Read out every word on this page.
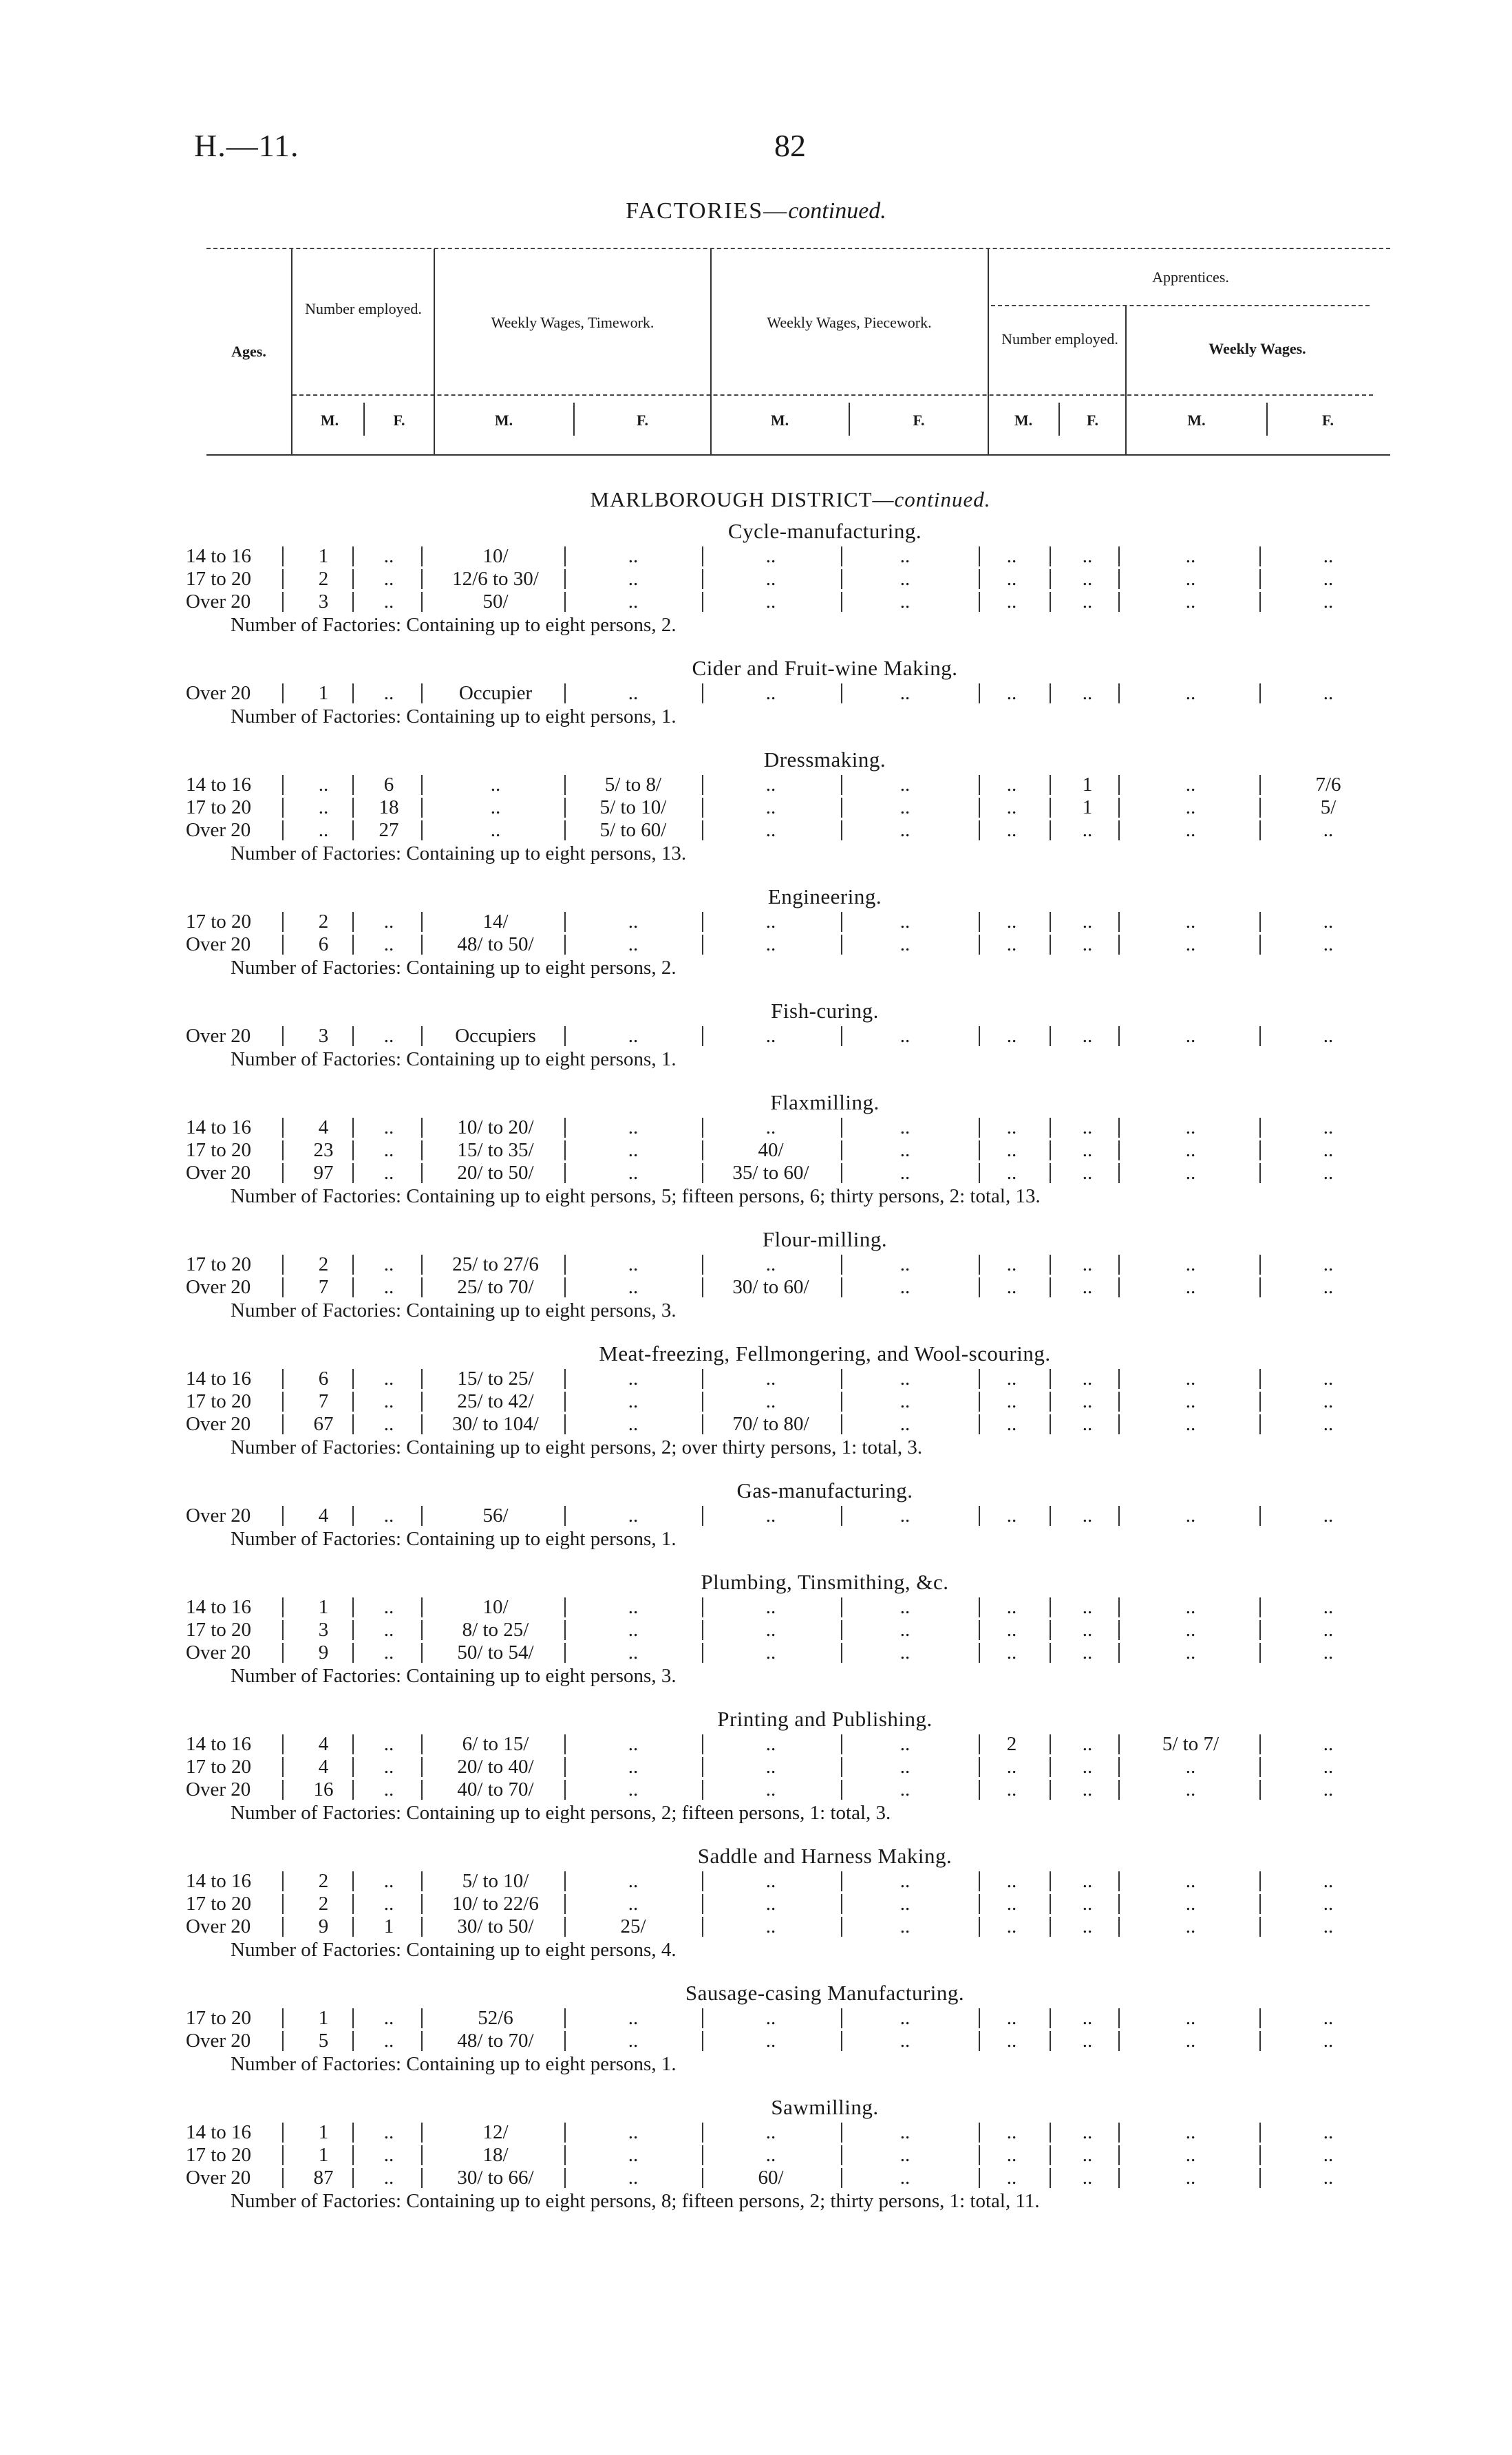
H.—11.	82
FACTORIES—continued.
Ages.
Number employed.
Weekly Wages, Timework.	Weekly Wages, Piecework.
Apprentices.
Number employed.
Weekly Wages.
M.	F.	M.	F.	M.	F.	M.	F.	M.	F.
MARLBOROUGH DISTRICT—continued.
Cycle-manufacturing.
14 to 16	1	..	10/	..	..	..	..	..	..	..
17 to 20	2	..	12/6 to 30/	..	..	..	..	..	..	..
Over 20	3	..	50/	..	..	..	..	..	..	..
Number of Factories: Containing up to eight persons, 2.
Cider and Fruit-wine Making.
Over 20	1	..	Occupier	..	..	..	..	..	..	..
Number of Factories: Containing up to eight persons, 1.
Dressmaking.
14 to 16	..	6	..	5/ to 8/	..	..	..	1	..	7/6
17 to 20	..	18	..	5/ to 10/	..	..	..	1	..	5/
Over 20	..	27	..	5/ to 60/	..	..	..	..	..	..
Number of Factories: Containing up to eight persons, 13.
Engineering.
17 to 20	2	..	14/	..	..	..	..	..	..	..
Over 20	6	..	48/ to 50/	..	..	..	..	..	..	..
Number of Factories: Containing up to eight persons, 2.
Fish-curing.
Over 20	3	..	Occupiers	..	..	..	..	..	..	..
Number of Factories: Containing up to eight persons, 1.
Flaxmilling.
14 to 16	4	..	10/ to 20/	..	..	..	..	..	..	..
17 to 20	23	..	15/ to 35/	..	40/	..	..	..	..	..
Over 20	97	..	20/ to 50/	..	35/ to 60/	..	..	..	..	..
Number of Factories: Containing up to eight persons, 5; fifteen persons, 6; thirty persons, 2: total, 13.
Flour-milling.
17 to 20	2	..	25/ to 27/6	..	..	..	..	..	..	..
Over 20	7	..	25/ to 70/	..	30/ to 60/	..	..	..	..	..
Number of Factories: Containing up to eight persons, 3.
Meat-freezing, Fellmongering, and Wool-scouring.
14 to 16	6	..	15/ to 25/	..	..	..	..	..	..	..
17 to 20	7	..	25/ to 42/	..	..	..	..	..	..	..
Over 20	67	..	30/ to 104/	..	70/ to 80/	..	..	..	..	..
Number of Factories: Containing up to eight persons, 2; over thirty persons, 1: total, 3.
Gas-manufacturing.
Over 20	4	..	56/	..	..	..	..	..	..	..
Number of Factories: Containing up to eight persons, 1.
Plumbing, Tinsmithing, &c.
14 to 16	1	..	10/	..	..	..	..	..	..	..
17 to 20	3	..	8/ to 25/	..	..	..	..	..	..	..
Over 20	9	..	50/ to 54/	..	..	..	..	..	..	..
Number of Factories: Containing up to eight persons, 3.
Printing and Publishing.
14 to 16	4	..	6/ to 15/	..	..	..	2	..	5/ to 7/	..
17 to 20	4	..	20/ to 40/	..	..	..	..	..	..	..
Over 20	16	..	40/ to 70/	..	..	..	..	..	..	..
Number of Factories: Containing up to eight persons, 2; fifteen persons, 1: total, 3.
Saddle and Harness Making.
14 to 16	2	..	5/ to 10/	..	..	..	..	..	..	..
17 to 20	2	..	10/ to 22/6	..	..	..	..	..	..	..
Over 20	9	1	30/ to 50/	25/	..	..	..	..	..	..
Number of Factories: Containing up to eight persons, 4.
Sausage-casing Manufacturing.
17 to 20	1	..	52/6	..	..	..	..	..	..	..
Over 20	5	..	48/ to 70/	..	..	..	..	..	..	..
Number of Factories: Containing up to eight persons, 1.
Sawmilling.
14 to 16	1	..	12/	..	..	..	..	..	..	..
17 to 20	1	..	18/	..	..	..	..	..	..	..
Over 20	87	..	30/ to 66/	..	60/	..	..	..	..	..
Number of Factories: Containing up to eight persons, 8; fifteen persons, 2; thirty persons, 1: total, 11.
